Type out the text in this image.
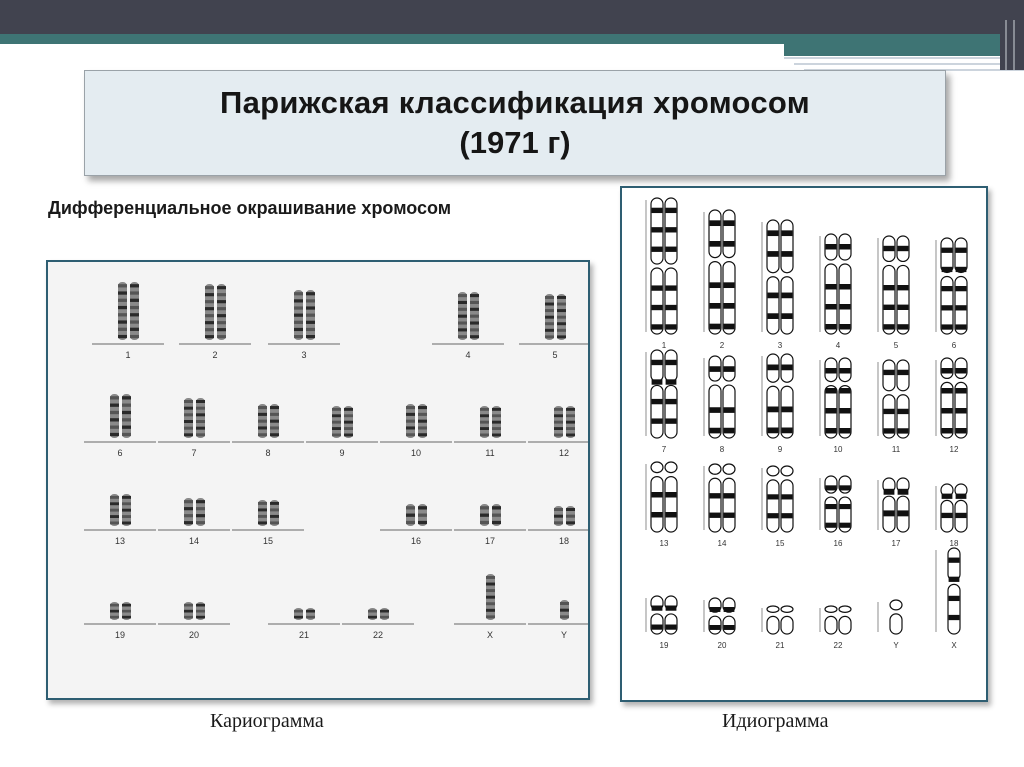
Парижская классификация хромосом
(1971 г)
Дифференциальное окрашивание хромосом
1	2	3	4	5
6	7	8	9	10	11	12
13	14	15	16	17	18
19	20	21	22	X	Y
1	2	3	4	5	6
7	8	9	10	11	12
13	14	15	16	17	18
19	20	21	22	Y	X
Кариограмма	Идиограмма
